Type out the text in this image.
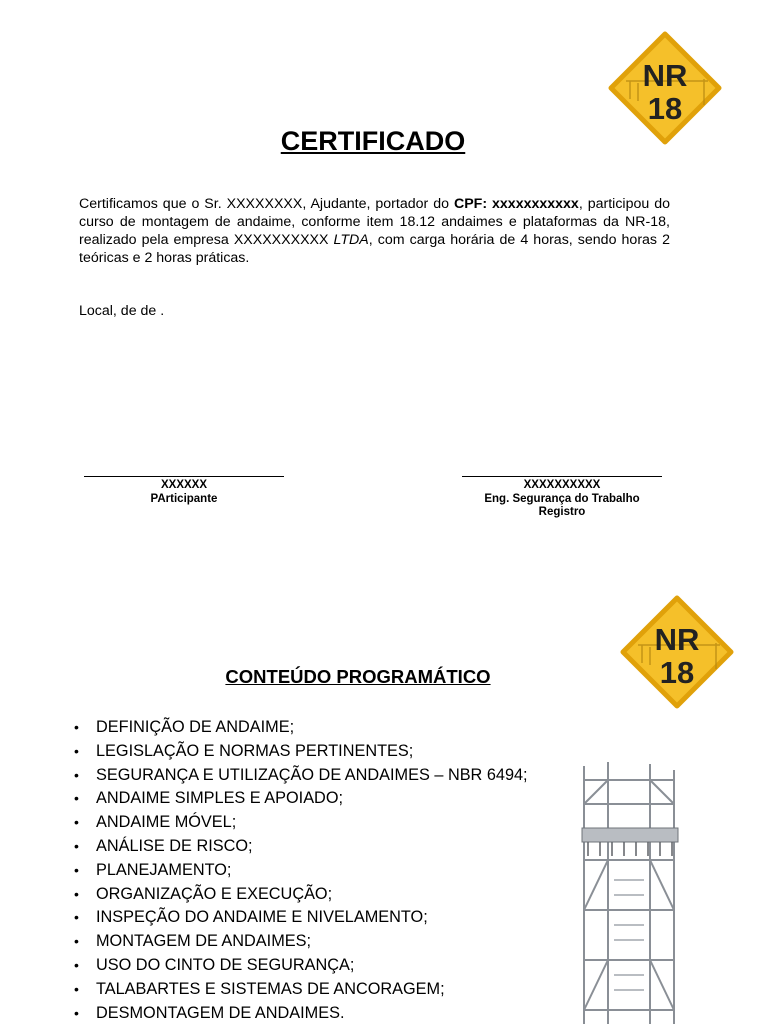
NR
18
CERTIFICADO
Certificamos que o Sr. XXXXXXXX, Ajudante, portador do CPF: xxxxxxxxxxx, participou do curso de montagem de andaime, conforme item 18.12 andaimes e plataformas da NR-18, realizado pela empresa XXXXXXXXXX LTDA, com carga horária de 4 horas, sendo horas 2 teóricas e 2 horas práticas.
Local, de de .
XXXXXX
PArticipante
XXXXXXXXXX
Eng. Segurança do Trabalho
Registro
NR
18
CONTEÚDO PROGRAMÁTICO
• DEFINIÇÃO DE ANDAIME;
• LEGISLAÇÃO E NORMAS PERTINENTES;
• SEGURANÇA E UTILIZAÇÃO DE ANDAIMES – NBR 6494;
• ANDAIME SIMPLES E APOIADO;
• ANDAIME MÓVEL;
• ANÁLISE DE RISCO;
• PLANEJAMENTO;
• ORGANIZAÇÃO E EXECUÇÃO;
• INSPEÇÃO DO ANDAIME E NIVELAMENTO;
• MONTAGEM DE ANDAIMES;
• USO DO CINTO DE SEGURANÇA;
• TALABARTES E SISTEMAS DE ANCORAGEM;
• DESMONTAGEM DE ANDAIMES.
